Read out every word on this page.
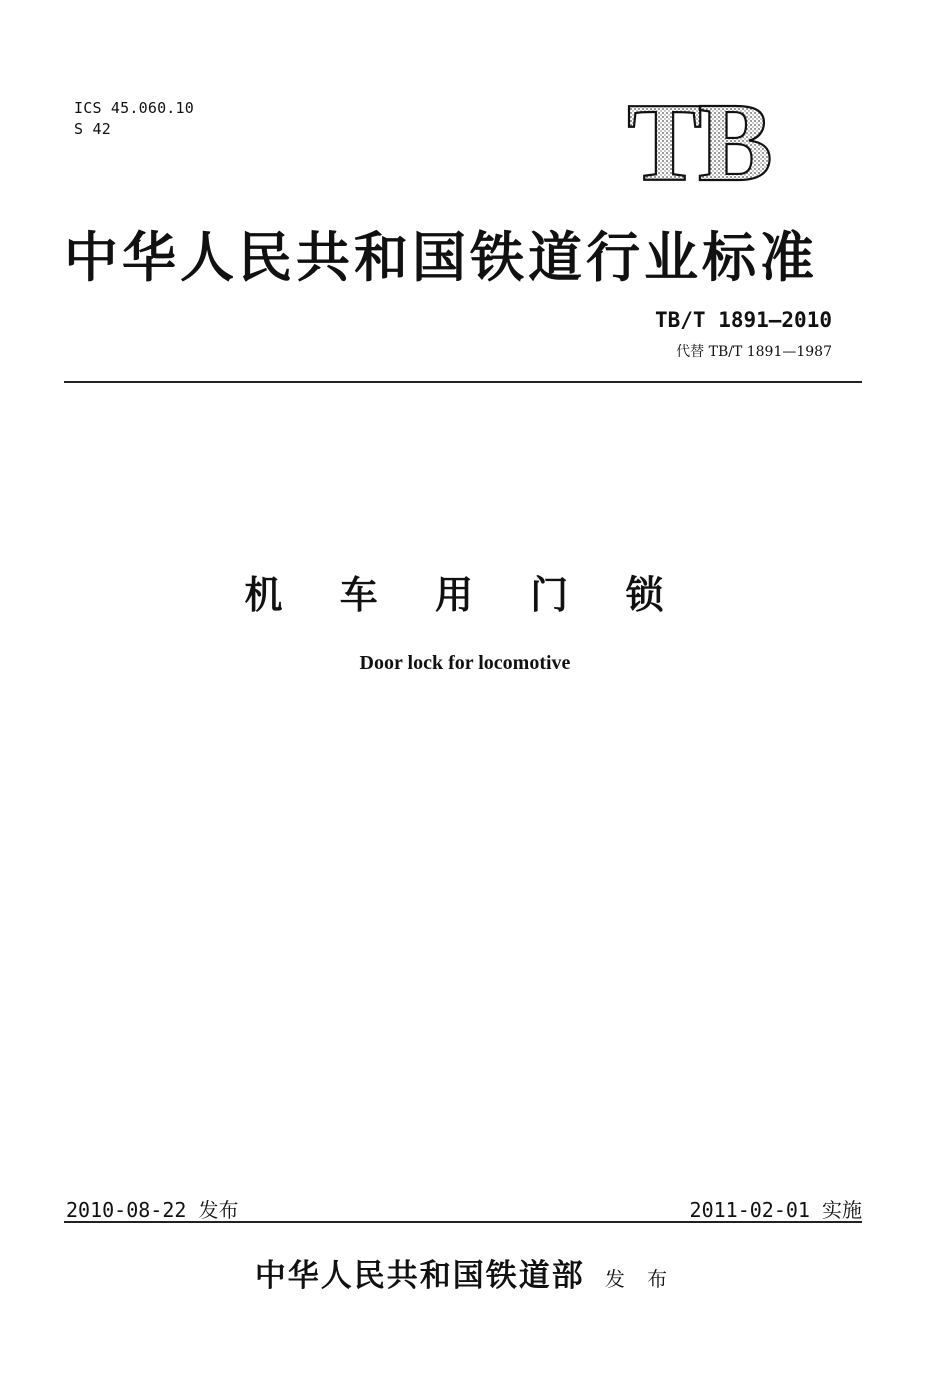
ICS 45.060.10
S 42	TB
中华人民共和国铁道行业标准
TB/T 1891—2010
代替 TB/T 1891—1987
机 车 用 门 锁
Door lock for locomotive
2010-08-22 发布	2011-02-01 实施
中华人民共和国铁道部 发 布
